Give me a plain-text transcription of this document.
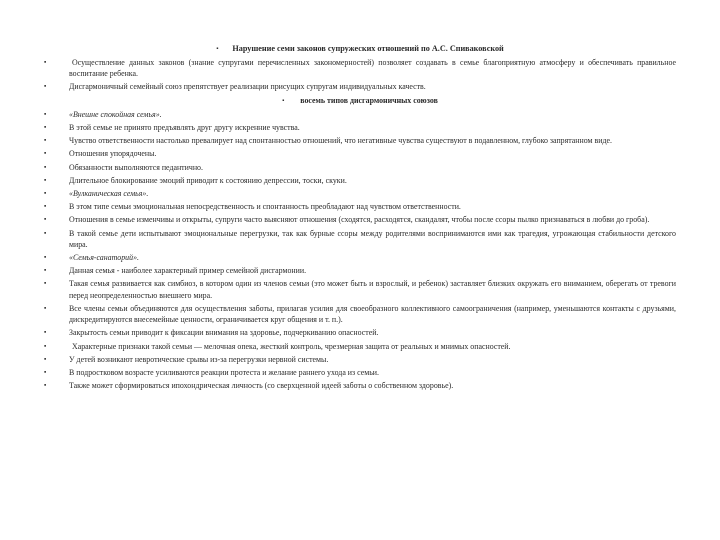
▪ Нарушение семи законов супружеских отношений по А.С. Спиваковской
▪	Осуществление данных законов (знание супругами перечисленных закономерностей) позволяет создавать в семье благоприятную атмосферу и обеспечивать правильное воспитание ребенка.
▪	Дисгармоничный семейный союз препятствует реализации присущих супругам индивидуальных качеств.
▪ восемь типов дисгармоничных союзов
▪	«Внешне спокойная семья».
▪	В этой семье не принято предъявлять друг другу искренние чувства.
▪	Чувство ответственности настолько превалирует над спонтанностью отношений, что негативные чувства существуют в подавленном, глубоко запрятанном виде.
▪	Отношения упорядочены.
▪	Обязанности выполняются педантично.
▪	Длительное блокирование эмоций приводит к состоянию депрессии, тоски, скуки.
▪	«Вулканическая семья».
▪	В этом типе семьи эмоциональная непосредственность и спонтанность преобладают над чувством ответственности.
▪	Отношения в семье изменчивы и открыты, супруги часто выясняют отношения (сходятся, расходятся, скандалят, чтобы после ссоры пылко признаваться в любви до гроба).
▪	В такой семье дети испытывают эмоциональные перегрузки, так как бурные ссоры между родителями воспринимаются ими как трагедия, угрожающая стабильности детского мира.
▪	«Семья-санаторий».
▪	Данная семья - наиболее характерный пример семейной дисгармонии.
▪	Такая семья развивается как симбиоз, в котором один из членов семьи (это может быть и взрослый, и ребенок) заставляет близких окружать его вниманием, оберегать от тревоги перед неопределенностью внешнего мира.
▪	Все члены семьи объединяются для осуществления заботы, прилагая усилия для своеобразного коллективного самоограничения (например, уменьшаются контакты с друзьями, дискредитируются внесемейные ценности, ограничивается круг общения и т. п.).
▪	Закрытость семьи приводит к фиксации внимания на здоровье, подчеркиванию опасностей.
▪	Характерные признаки такой семьи — мелочная опека, жесткий контроль, чрезмерная защита от реальных и мнимых опасностей.
▪	У детей возникают невротические срывы из-за перегрузки нервной системы.
▪	В подростковом возрасте усиливаются реакции протеста и желание раннего ухода из семьи.
▪	Также может сформироваться ипохондрическая личность (со сверхценной идеей заботы о собственном здоровье).
